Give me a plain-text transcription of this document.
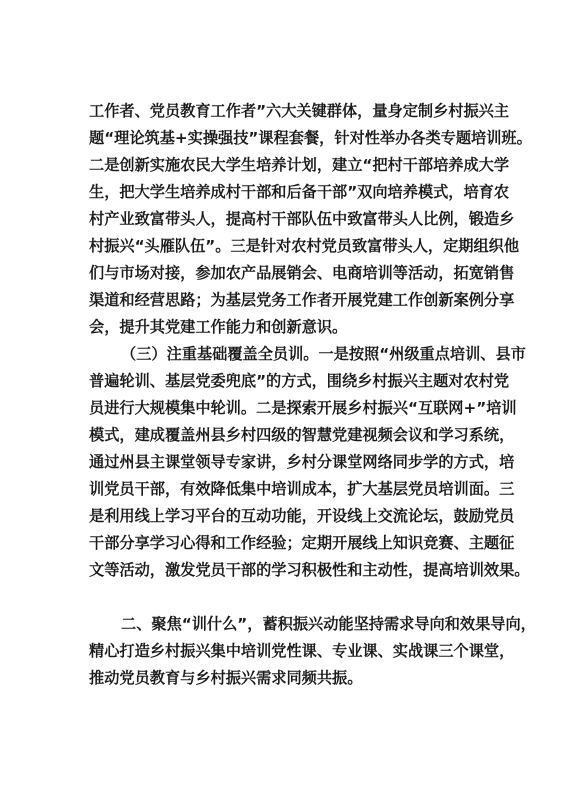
工作者、党员教育工作者”六大关键群体，量身定制乡村振兴主
题“理论筑基+实操强技”课程套餐，针对性举办各类专题培训班。
二是创新实施农民大学生培养计划，建立“把村干部培养成大学
生，把大学生培养成村干部和后备干部”双向培养模式，培育农
村产业致富带头人，提高村干部队伍中致富带头人比例，锻造乡
村振兴“头雁队伍”。三是针对农村党员致富带头人，定期组织他
们与市场对接，参加农产品展销会、电商培训等活动，拓宽销售
渠道和经营思路；为基层党务工作者开展党建工作创新案例分享
会，提升其党建工作能力和创新意识。
（三）注重基础覆盖全员训。一是按照“州级重点培训、县市
普遍轮训、基层党委兜底”的方式，围绕乡村振兴主题对农村党
员进行大规模集中轮训。二是探索开展乡村振兴“互联网+”培训
模式，建成覆盖州县乡村四级的智慧党建视频会议和学习系统，
通过州县主课堂领导专家讲，乡村分课堂网络同步学的方式，培
训党员干部，有效降低集中培训成本，扩大基层党员培训面。三
是利用线上学习平台的互动功能，开设线上交流论坛，鼓励党员
干部分享学习心得和工作经验；定期开展线上知识竞赛、主题征
文等活动，激发党员干部的学习积极性和主动性，提高培训效果。
二、聚焦“训什么”，蓄积振兴动能坚持需求导向和效果导向，
精心打造乡村振兴集中培训党性课、专业课、实战课三个课堂，
推动党员教育与乡村振兴需求同频共振。
